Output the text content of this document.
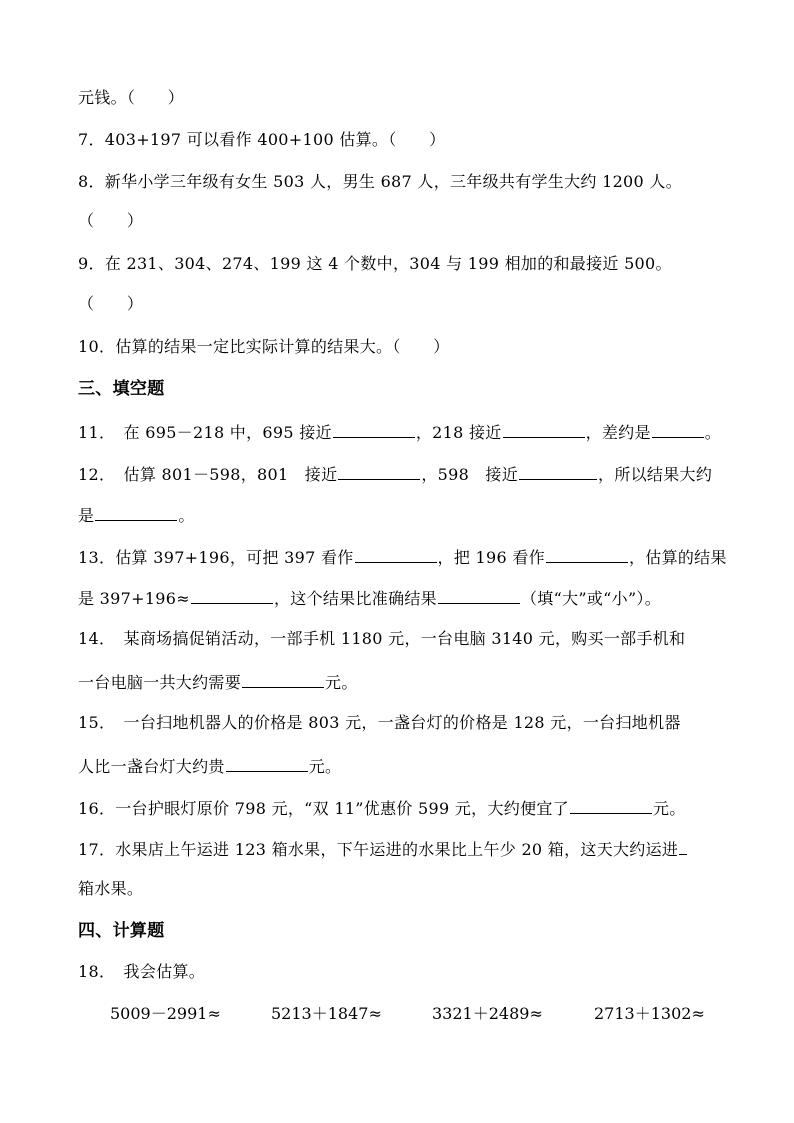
元钱。（　　）
7．403+197 可以看作 400+100 估算。（　　）
8．新华小学三年级有女生 503 人，男生 687 人，三年级共有学生大约 1200 人。
（　　）
9．在 231、304、274、199 这 4 个数中，304 与 199 相加的和最接近 500。
（　　）
10．估算的结果一定比实际计算的结果大。（　　）
三、填空题
11．　在 695－218 中，695 接近	，218 接近	，差约是	。
12．　估算 801－598，801　接近	，598　接近	，所以结果大约
是	。
13．估算 397+196，可把 397 看作	，把 196 看作	，估算的结果
是 397+196≈	，这个结果比准确结果	（填“大”或“小”）。
14．　某商场搞促销活动，一部手机 1180 元，一台电脑 3140 元，购买一部手机和
一台电脑一共大约需要	元。
15．　一台扫地机器人的价格是 803 元，一盏台灯的价格是 128 元，一台扫地机器
人比一盏台灯大约贵	元。
16．一台护眼灯原价 798 元，“双 11”优惠价 599 元，大约便宜了	元。
17．水果店上午运进 123 箱水果，下午运进的水果比上午少 20 箱，这天大约运进
箱水果。
四、计算题
18．　我会估算。
5009－2991≈	5213＋1847≈	3321＋2489≈	2713＋1302≈
